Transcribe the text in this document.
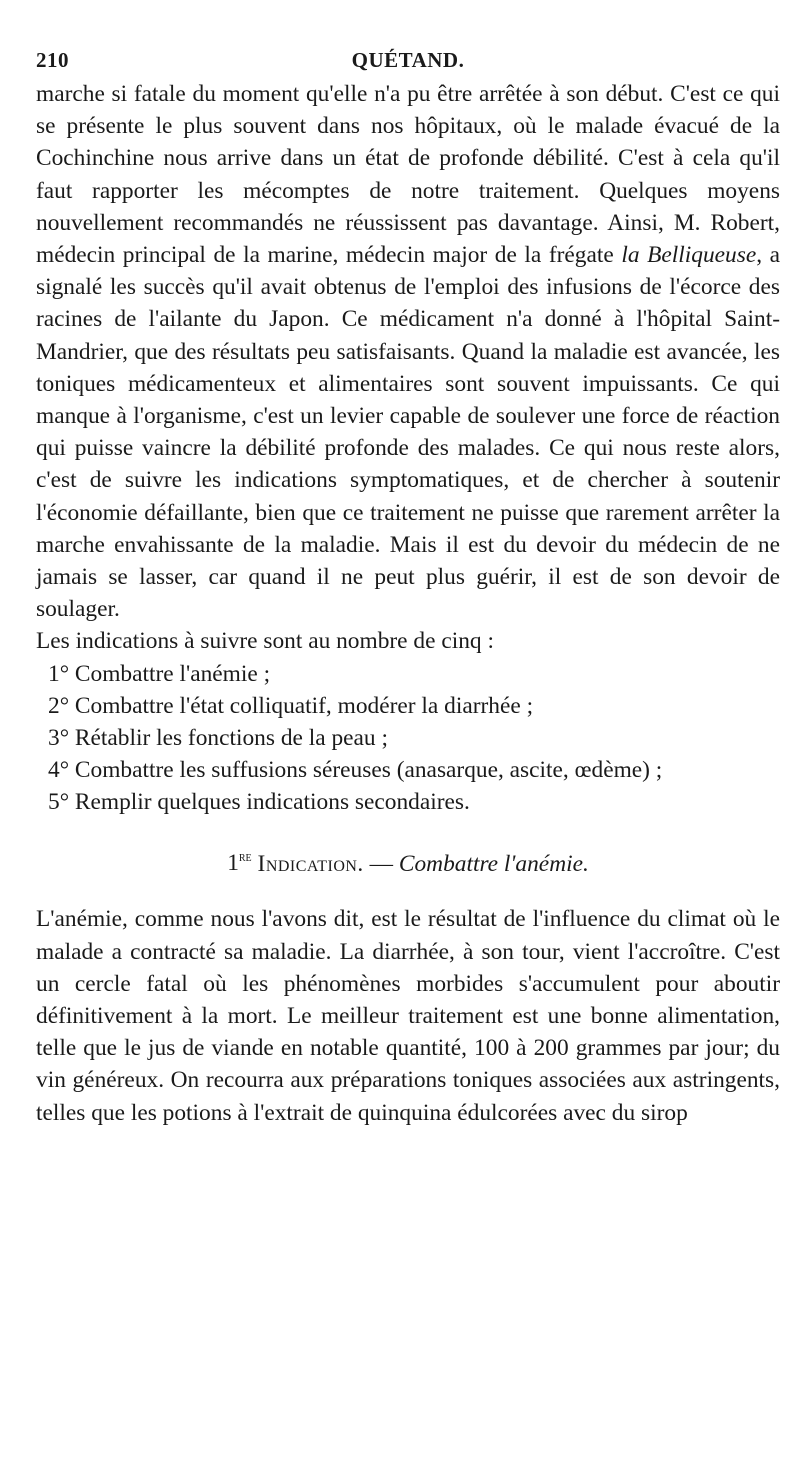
210	QUÉTAND.

marche si fatale du moment qu'elle n'a pu être arrêtée à son début. C'est ce qui se présente le plus souvent dans nos hôpitaux, où le malade évacué de la Cochinchine nous arrive dans un état de profonde débilité. C'est à cela qu'il faut rapporter les mécomptes de notre traitement. Quelques moyens nouvellement recommandés ne réussissent pas davantage. Ainsi, M. Robert, médecin principal de la marine, médecin major de la frégate la Belliqueuse, a signalé les succès qu'il avait obtenus de l'emploi des infusions de l'écorce des racines de l'ailante du Japon. Ce médicament n'a donné à l'hôpital Saint-Mandrier, que des résultats peu satisfaisants. Quand la maladie est avancée, les toniques médicamenteux et alimentaires sont souvent impuissants. Ce qui manque à l'organisme, c'est un levier capable de soulever une force de réaction qui puisse vaincre la débilité profonde des malades. Ce qui nous reste alors, c'est de suivre les indications symptomatiques, et de chercher à soutenir l'économie défaillante, bien que ce traitement ne puisse que rarement arrêter la marche envahissante de la maladie. Mais il est du devoir du médecin de ne jamais se lasser, car quand il ne peut plus guérir, il est de son devoir de soulager.

Les indications à suivre sont au nombre de cinq :

1° Combattre l'anémie ;
2° Combattre l'état colliquatif, modérer la diarrhée ;
3° Rétablir les fonctions de la peau ;
4° Combattre les suffusions séreuses (anasarque, ascite, œdème) ;
5° Remplir quelques indications secondaires.
1re Indication. — Combattre l'anémie.

L'anémie, comme nous l'avons dit, est le résultat de l'influence du climat où le malade a contracté sa maladie. La diarrhée, à son tour, vient l'accroître. C'est un cercle fatal où les phénomènes morbides s'accumulent pour aboutir définitivement à la mort. Le meilleur traitement est une bonne alimentation, telle que le jus de viande en notable quantité, 100 à 200 grammes par jour; du vin généreux. On recourra aux préparations toniques associées aux astringents, telles que les potions à l'extrait de quinquina édulcorées avec du sirop
